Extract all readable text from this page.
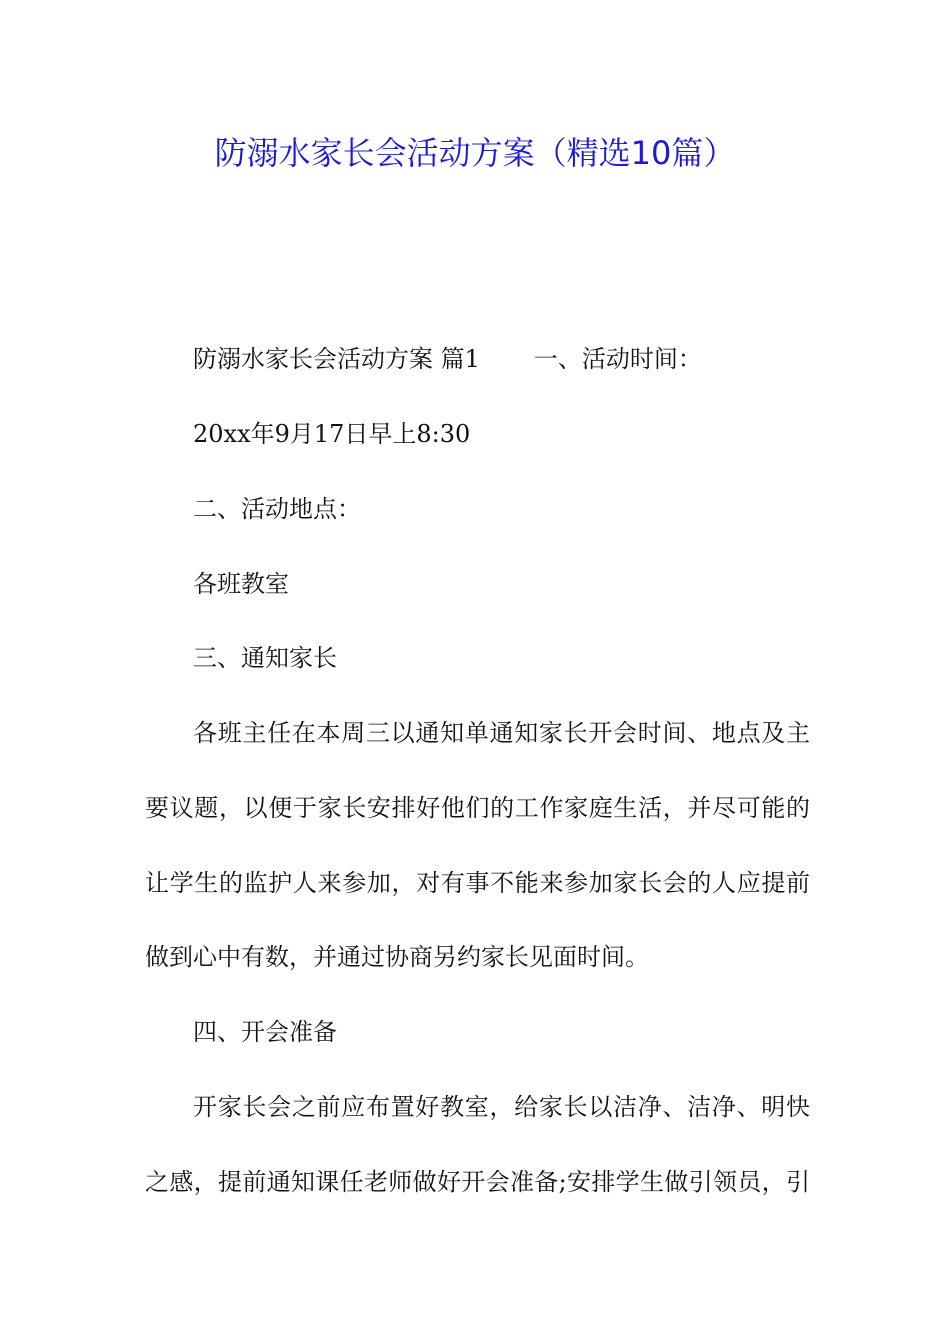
防溺水家长会活动方案（精选10篇）
防溺水家长会活动方案 篇1 一、活动时间：
20xx年9月17日早上8:30
二、活动地点：
各班教室
三、通知家长
各班主任在本周三以通知单通知家长开会时间、地点及主
要议题，以便于家长安排好他们的工作家庭生活，并尽可能的
让学生的监护人来参加，对有事不能来参加家长会的人应提前
做到心中有数，并通过协商另约家长见面时间。
四、开会准备
开家长会之前应布置好教室，给家长以洁净、洁净、明快
之感，提前通知课任老师做好开会准备;安排学生做引领员，引
